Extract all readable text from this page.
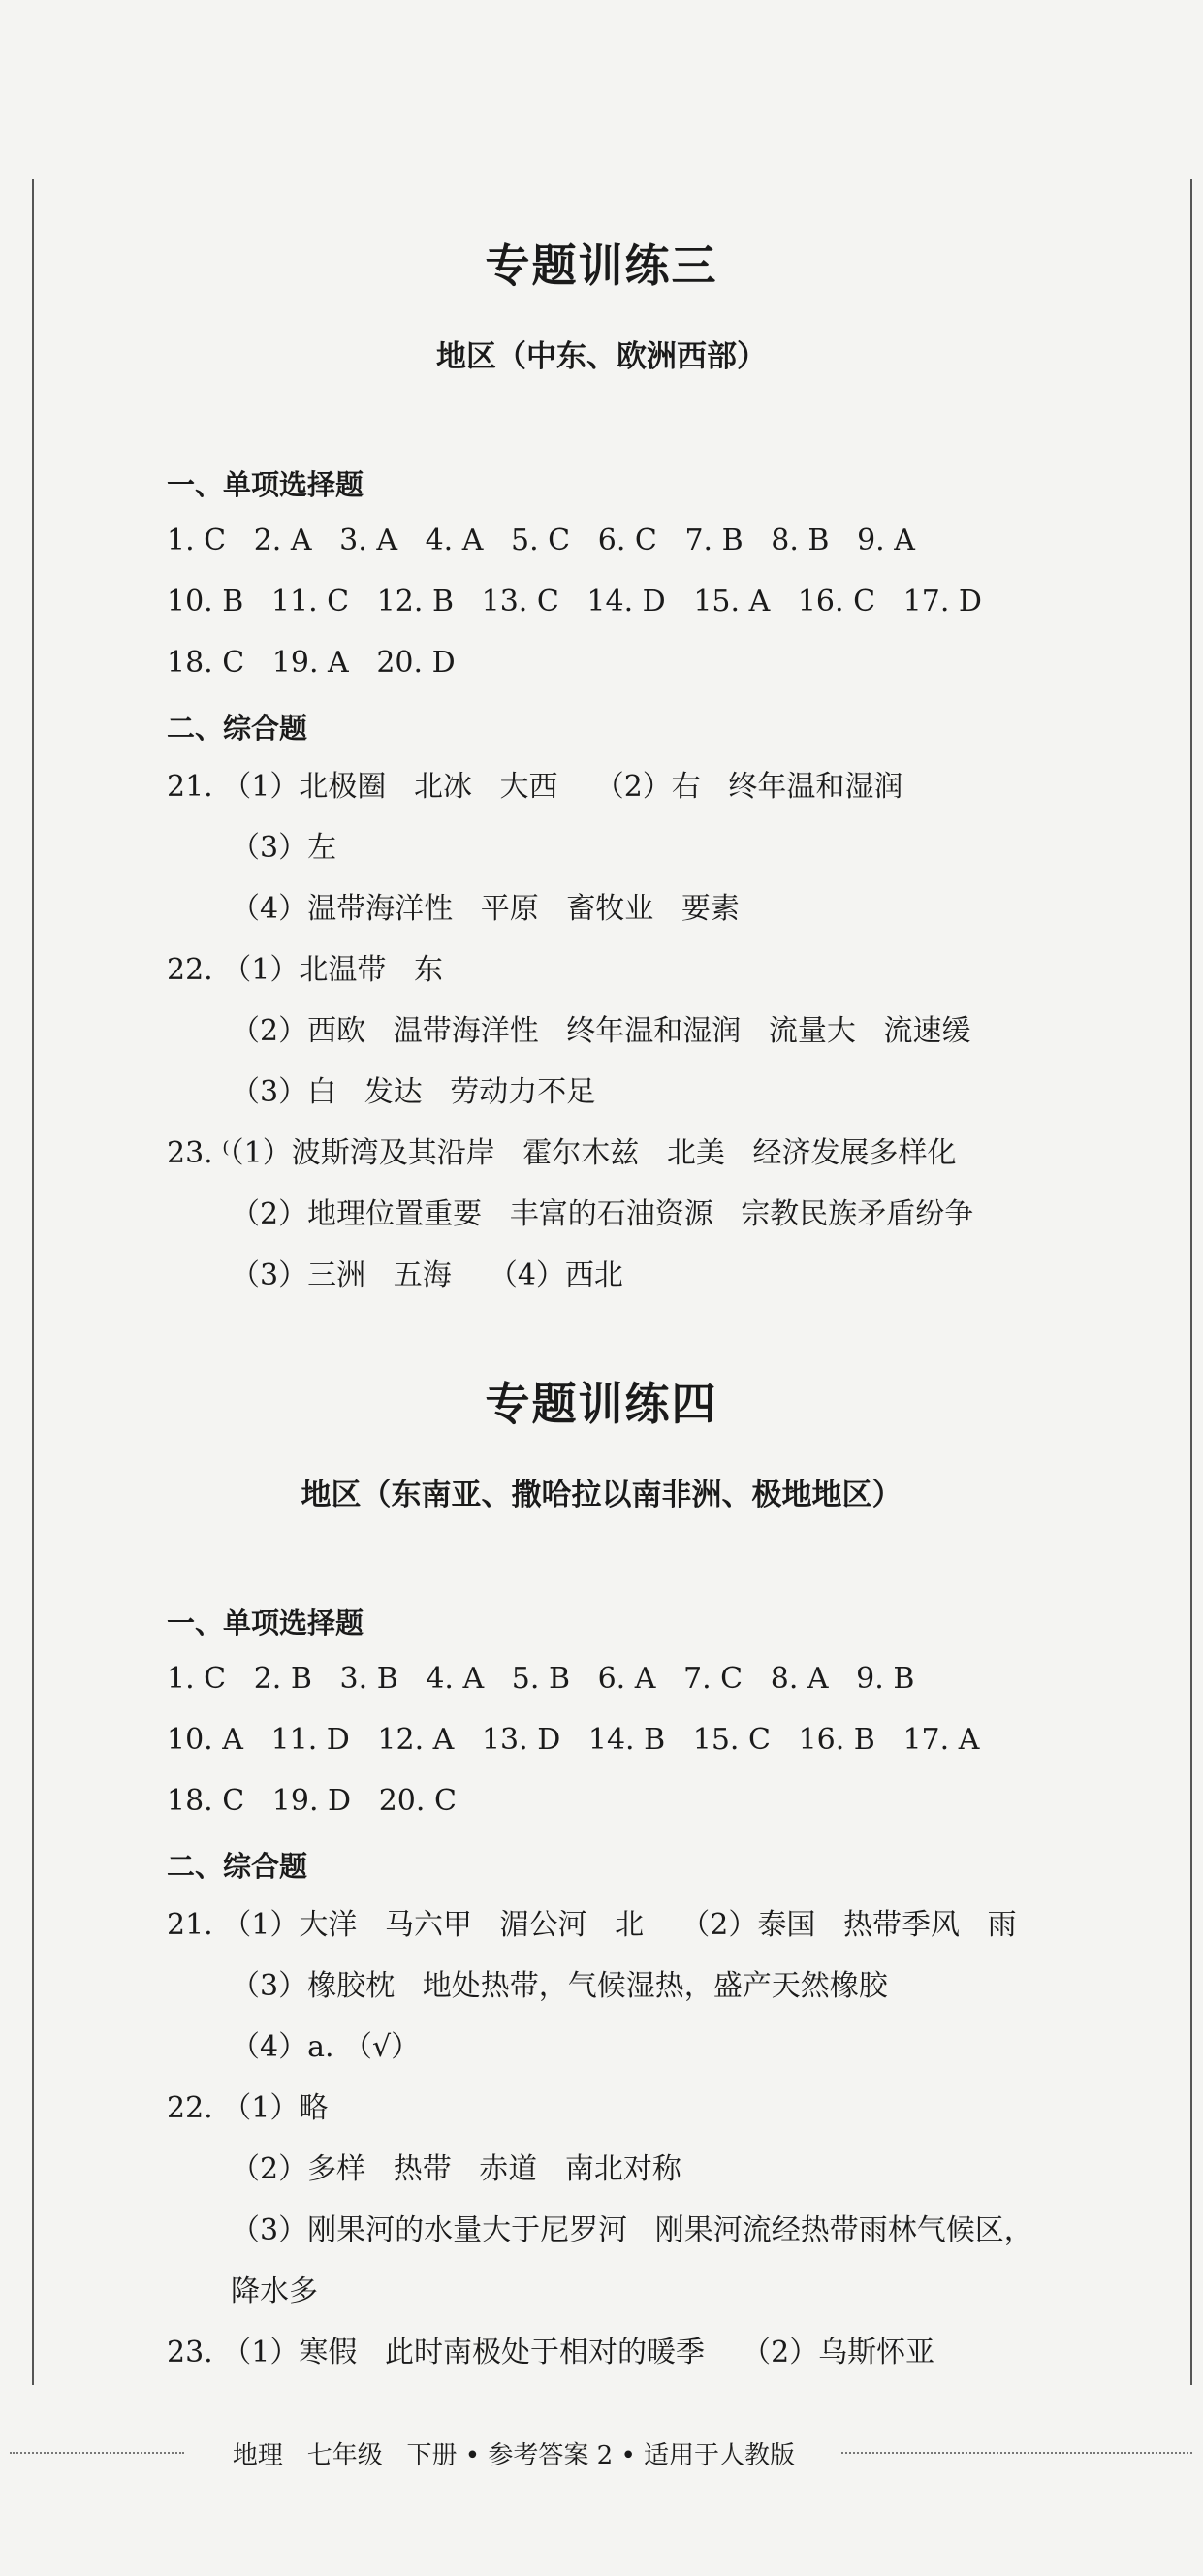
专题训练三
地区（中东、欧洲西部）
一、单项选择题
1. C   2. A   3. A   4. A   5. C   6. C   7. B   8. B   9. A
10. B   11. C   12. B   13. C   14. D   15. A   16. C   17. D
18. C   19. A   20. D
二、综合题
21. （1）北极圈   北冰   大西    （2）右   终年温和湿润
（3）左
（4）温带海洋性   平原   畜牧业   要素
22. （1）北温带   东
（2）西欧   温带海洋性   终年温和湿润   流量大   流速缓
（3）白   发达   劳动力不足
23. ⁽（1）波斯湾及其沿岸   霍尔木兹   北美   经济发展多样化
（2）地理位置重要   丰富的石油资源   宗教民族矛盾纷争
（3）三洲   五海    （4）西北
专题训练四
地区（东南亚、撒哈拉以南非洲、极地地区）
一、单项选择题
1. C   2. B   3. B   4. A   5. B   6. A   7. C   8. A   9. B
10. A   11. D   12. A   13. D   14. B   15. C   16. B   17. A
18. C   19. D   20. C
二、综合题
21. （1）大洋   马六甲   湄公河   北    （2）泰国   热带季风   雨
（3）橡胶枕   地处热带，气候湿热，盛产天然橡胶
（4）a. （√）
22. （1）略
（2）多样   热带   赤道   南北对称
（3）刚果河的水量大于尼罗河   刚果河流经热带雨林气候区，
降水多
23. （1）寒假   此时南极处于相对的暖季    （2）乌斯怀亚
地理   七年级   下册 • 参考答案 2 • 适用于人教版
